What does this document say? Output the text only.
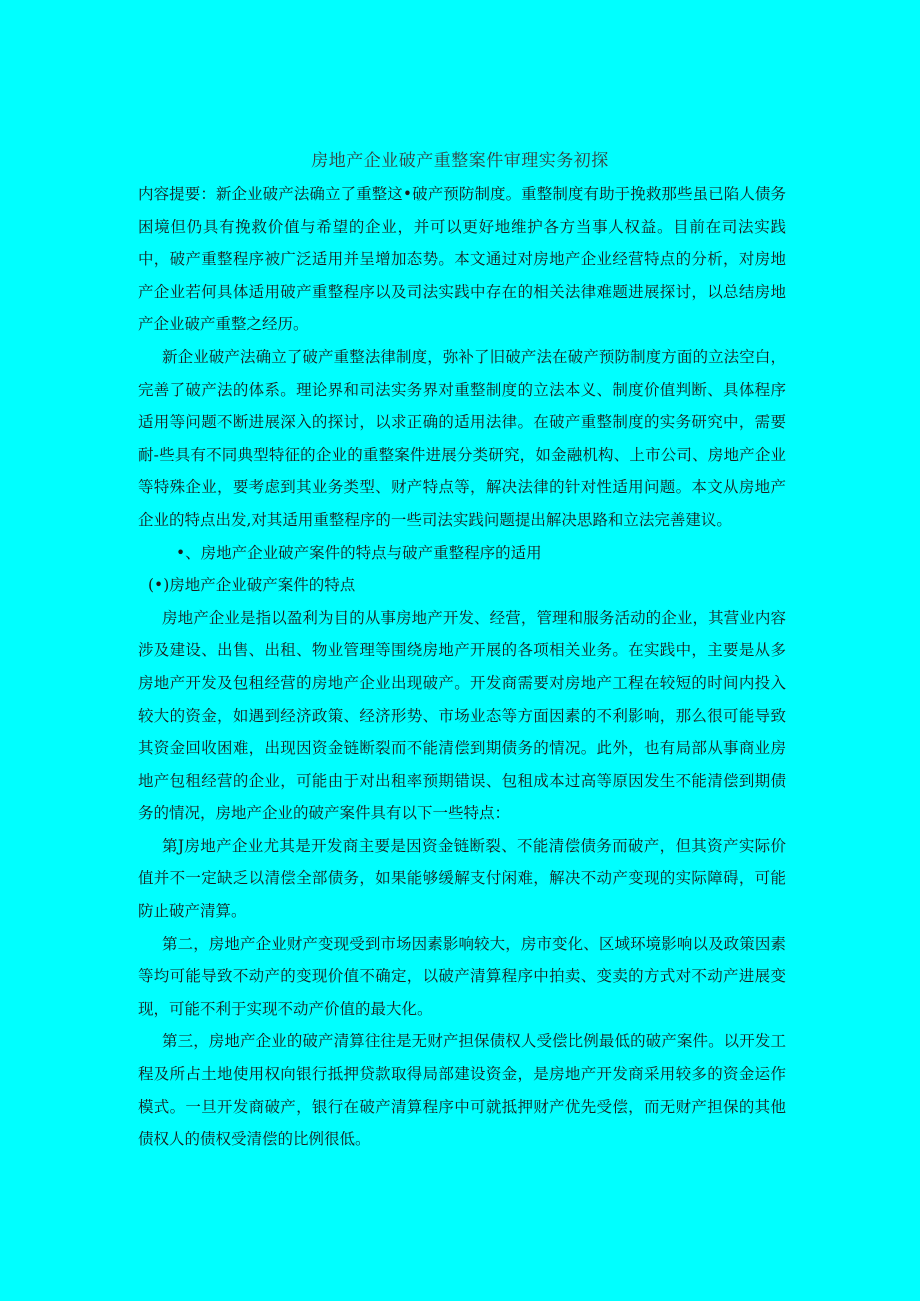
房地产企业破产重整案件审理实务初探

内容提要：新企业破产法确立了重整这•破产预防制度。重整制度有助于挽救那些虽已陷人债务困境但仍具有挽救价值与希望的企业，并可以更好地维护各方当事人权益。目前在司法实践中，破产重整程序被广泛适用并呈增加态势。本文通过对房地产企业经营特点的分析，对房地产企业若何具体适用破产重整程序以及司法实践中存在的相关法律难题进展探讨，以总结房地产企业破产重整之经历。

新企业破产法确立了破产重整法律制度，弥补了旧破产法在破产预防制度方面的立法空白，完善了破产法的体系。理论界和司法实务界对重整制度的立法本义、制度价值判断、具体程序适用等问题不断进展深入的探讨，以求正确的适用法律。在破产重整制度的实务研究中，需要耐-些具有不同典型特征的企业的重整案件进展分类研究，如金融机构、上市公司、房地产企业等特殊企业，要考虑到其业务类型、财产特点等，解决法律的针对性适用问题。本文从房地产企业的特点出发,对其适用重整程序的一些司法实践问题提出解决思路和立法完善建议。

•、房地产企业破产案件的特点与破产重整程序的适用

(•)房地产企业破产案件的特点

房地产企业是指以盈利为目的从事房地产开发、经营，管理和服务活动的企业，其营业内容涉及建设、出售、出租、物业管理等围绕房地产开展的各项相关业务。在实践中，主要是从多房地产开发及包租经营的房地产企业出现破产。开发商需要对房地产工程在较短的时间内投入较大的资金，如遇到经济政策、经济形势、市场业态等方面因素的不利影响，那么很可能导致其资金回收困难，出现因资金链断裂而不能清偿到期债务的情况。此外，也有局部从事商业房地产包租经营的企业，可能由于对出租率预期错误、包租成本过高等原因发生不能清偿到期债务的情况，房地产企业的破产案件具有以下一些特点：

第J房地产企业尤其是开发商主要是因资金链断裂、不能清偿债务而破产，但其资产实际价值并不一定缺乏以清偿全部债务，如果能够缓解支付闲难，解决不动产变现的实际障碍，可能防止破产清算。

第二，房地产企业财产变现受到市场因素影响较大，房市变化、区域环境影响以及政策因素等均可能导致不动产的变现价值不确定，以破产清算程序中拍卖、变卖的方式对不动产进展变现，可能不利于实现不动产价值的最大化。

第三，房地产企业的破产清算往往是无财产担保债权人受偿比例最低的破产案件。以开发工程及所占土地使用权向银行抵押贷款取得局部建设资金，是房地产开发商采用较多的资金运作模式。一旦开发商破产，银行在破产清算程序中可就抵押财产优先受偿，而无财产担保的其他债权人的债权受清偿的比例很低。
